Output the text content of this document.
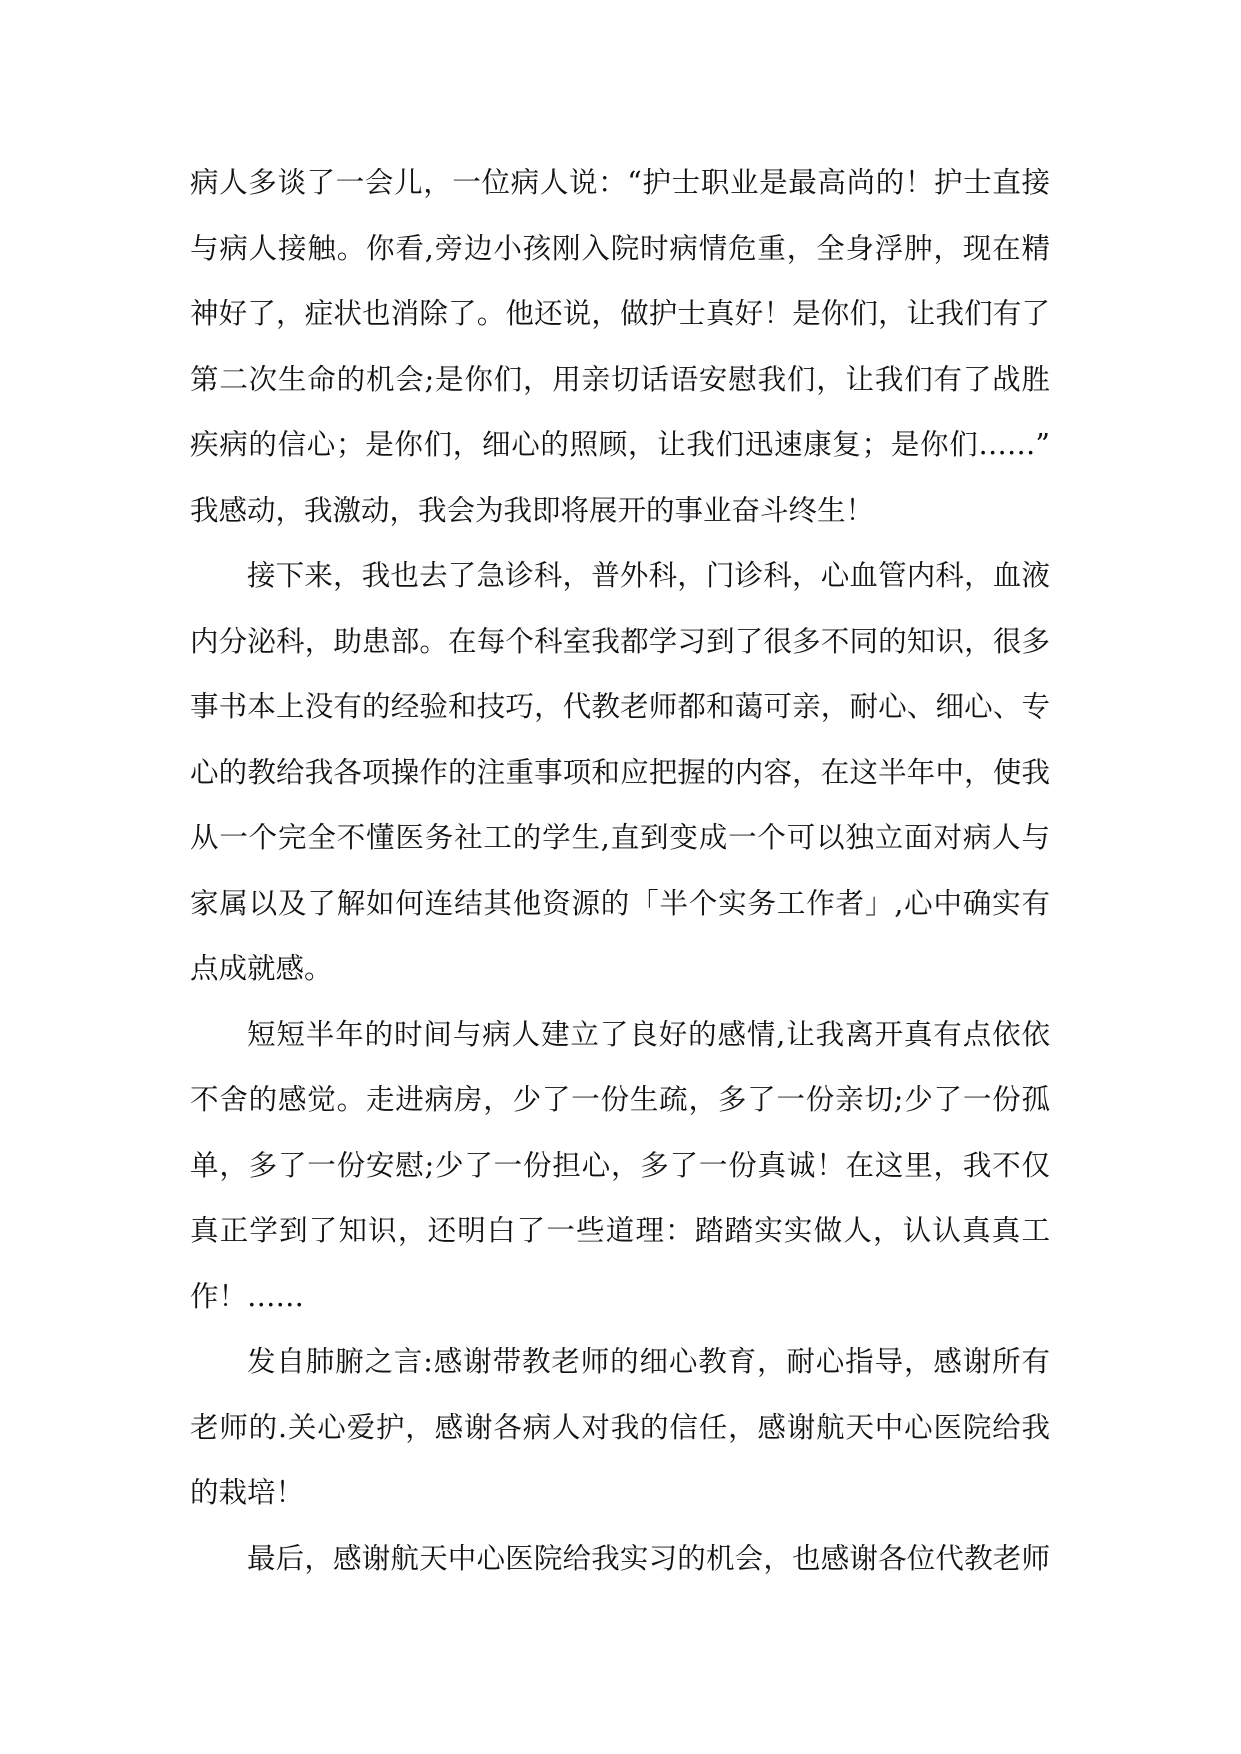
病人多谈了一会儿，一位病人说：“护士职业是最高尚的！护士直接
与病人接触。你看,旁边小孩刚入院时病情危重，全身浮肿，现在精
神好了，症状也消除了。他还说，做护士真好！是你们，让我们有了
第二次生命的机会;是你们，用亲切话语安慰我们，让我们有了战胜
疾病的信心；是你们，细心的照顾，让我们迅速康复；是你们……”
我感动，我激动，我会为我即将展开的事业奋斗终生！
接下来，我也去了急诊科，普外科，门诊科，心血管内科，血液
内分泌科，助患部。在每个科室我都学习到了很多不同的知识，很多
事书本上没有的经验和技巧，代教老师都和蔼可亲，耐心、细心、专
心的教给我各项操作的注重事项和应把握的内容，在这半年中，使我
从一个完全不懂医务社工的学生,直到变成一个可以独立面对病人与
家属以及了解如何连结其他资源的「半个实务工作者」,心中确实有
点成就感。
短短半年的时间与病人建立了良好的感情,让我离开真有点依依
不舍的感觉。走进病房，少了一份生疏，多了一份亲切;少了一份孤
单，多了一份安慰;少了一份担心，多了一份真诚！在这里，我不仅
真正学到了知识，还明白了一些道理：踏踏实实做人，认认真真工
作！……
发自肺腑之言:感谢带教老师的细心教育，耐心指导，感谢所有
老师的.关心爱护，感谢各病人对我的信任，感谢航天中心医院给我
的栽培！
最后，感谢航天中心医院给我实习的机会，也感谢各位代教老师
